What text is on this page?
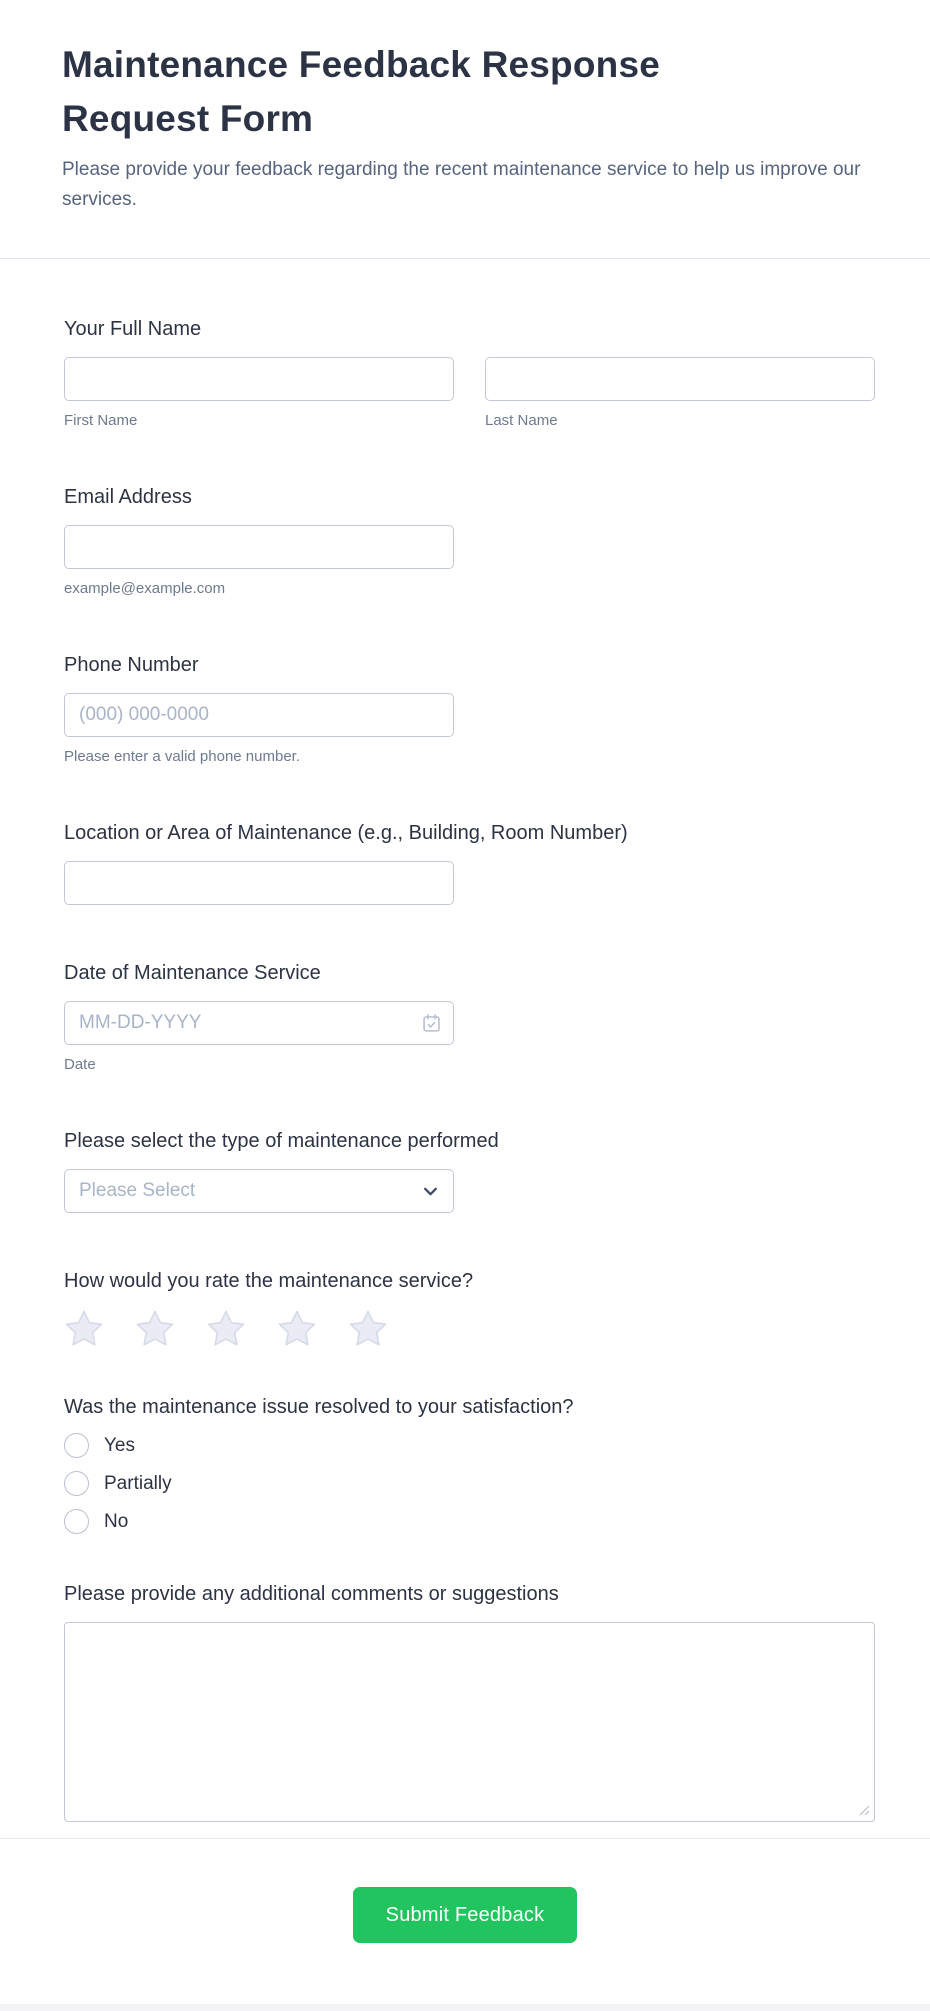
Maintenance Feedback Response Request Form

Please provide your feedback regarding the recent maintenance service to help us improve our services.

Your Full Name
First Name	Last Name
Email Address
example@example.com
Phone Number
(000) 000-0000
Please enter a valid phone number.
Location or Area of Maintenance (e.g., Building, Room Number)
Date of Maintenance Service
MM-DD-YYYY
Date
Please select the type of maintenance performed
Please Select
How would you rate the maintenance service?
Was the maintenance issue resolved to your satisfaction?
Yes
Partially
No
Please provide any additional comments or suggestions
Submit Feedback
